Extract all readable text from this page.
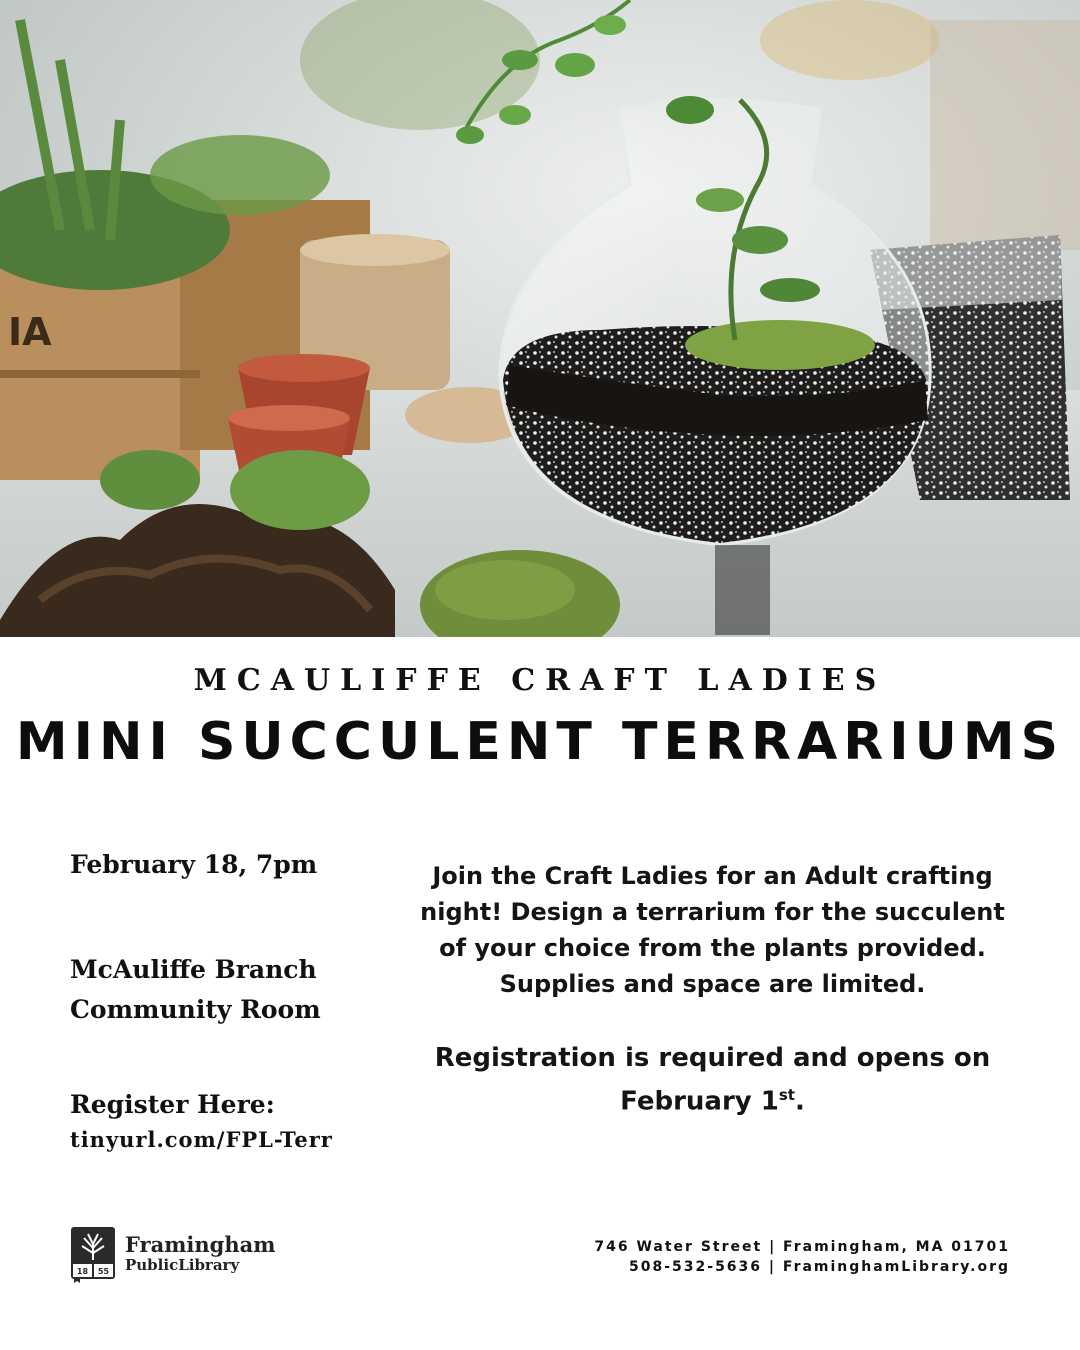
IA
MCAULIFFE CRAFT LADIES
MINI SUCCULENT TERRARIUMS
February 18, 7pm
McAuliffe Branch
Community Room
Register Here:
tinyurl.com/FPL-Terr
Join the Craft Ladies for an Adult crafting
night! Design a terrarium for the succulent
of your choice from the plants provided.
Supplies and space are limited.
Registration is required and opens on
February 1st.
18 55
Framingham
PublicLibrary
746 Water Street | Framingham, MA 01701
508-532-5636 | FraminghamLibrary.org
